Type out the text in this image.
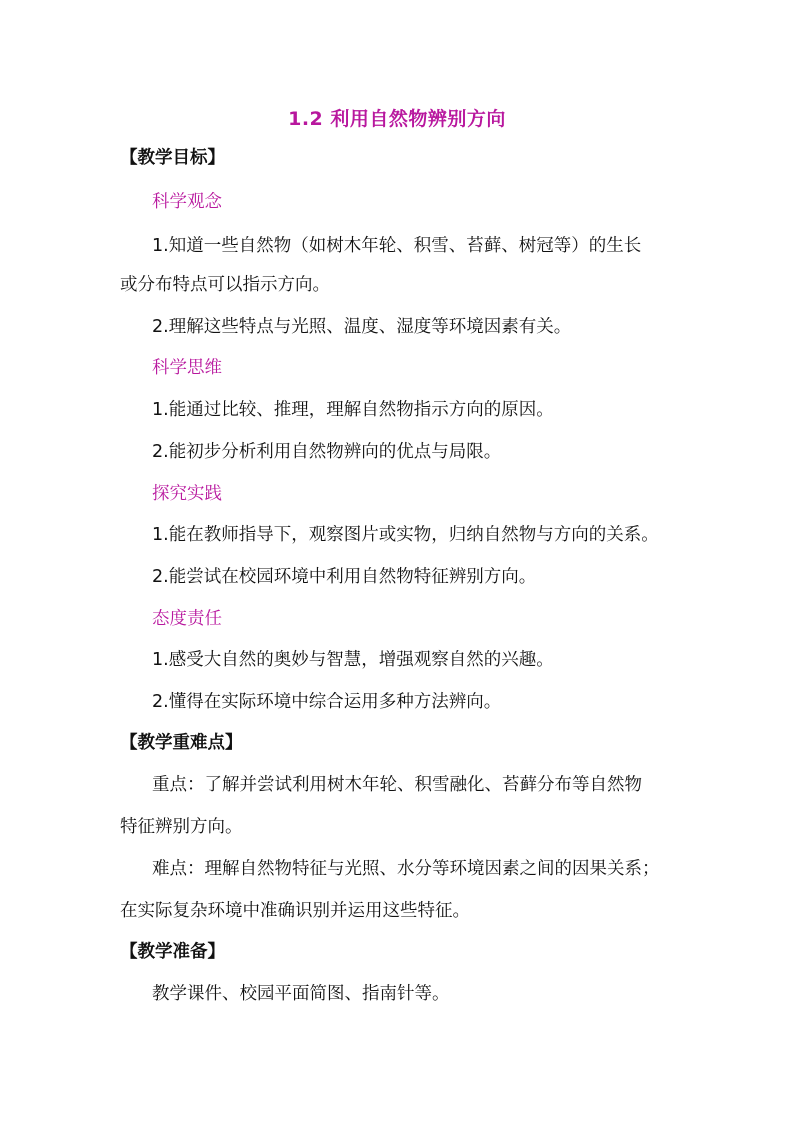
1.2 利用自然物辨别方向
【教学目标】
科学观念
1.知道一些自然物（如树木年轮、积雪、苔藓、树冠等）的生长
或分布特点可以指示方向。
2.理解这些特点与光照、温度、湿度等环境因素有关。
科学思维
1.能通过比较、推理，理解自然物指示方向的原因。
2.能初步分析利用自然物辨向的优点与局限。
探究实践
1.能在教师指导下，观察图片或实物，归纳自然物与方向的关系。
2.能尝试在校园环境中利用自然物特征辨别方向。
态度责任
1.感受大自然的奥妙与智慧，增强观察自然的兴趣。
2.懂得在实际环境中综合运用多种方法辨向。
【教学重难点】
重点：了解并尝试利用树木年轮、积雪融化、苔藓分布等自然物
特征辨别方向。
难点：理解自然物特征与光照、水分等环境因素之间的因果关系；
在实际复杂环境中准确识别并运用这些特征。
【教学准备】
教学课件、校园平面简图、指南针等。
